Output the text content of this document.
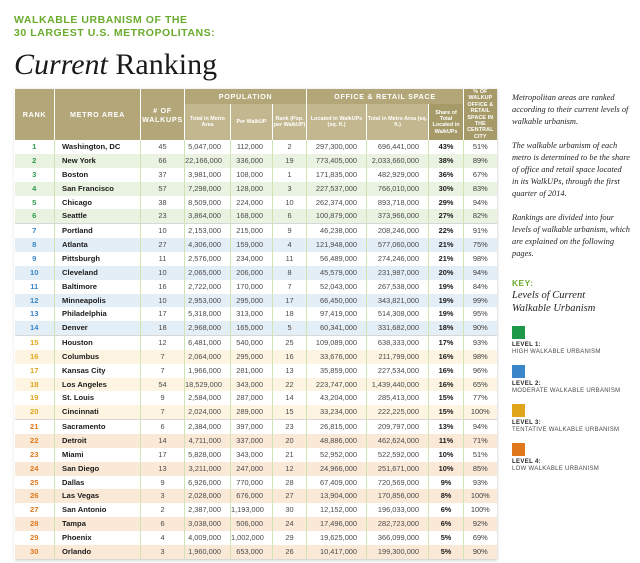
WALKABLE URBANISM OF THE
30 LARGEST U.S. METROPOLITANS:
Current Ranking
RANK	METRO AREA	# OF WALKUPS	POPULATION			OFFICE & RETAIL SPACE			% OF WALKUP OFFICE & RETAIL SPACE IN THE CENTRAL CITY
			Total in Metro Area	Per WalkUP	Rank (Pop. per WalkUP)	Located in WalkUPs (sq. ft.)	Total in Metro Area (sq. ft.)	Share of Total Located in WalkUPs	
1	Washington, DC	45	5,047,000	112,000	2	297,300,000	696,441,000	43%	51%
2	New York	66	22,166,000	336,000	19	773,405,000	2,033,660,000	38%	89%
3	Boston	37	3,981,000	108,000	1	171,835,000	482,929,000	36%	67%
4	San Francisco	57	7,298,000	128,000	3	227,537,000	766,010,000	30%	83%
5	Chicago	38	8,509,000	224,000	10	262,374,000	893,718,000	29%	94%
6	Seattle	23	3,864,000	168,000	6	100,879,000	373,966,000	27%	82%
7	Portland	10	2,153,000	215,000	9	46,238,000	208,246,000	22%	91%
8	Atlanta	27	4,306,000	159,000	4	121,948,000	577,060,000	21%	75%
9	Pittsburgh	11	2,576,000	234,000	11	56,489,000	274,246,000	21%	98%
10	Cleveland	10	2,065,000	206,000	8	45,579,000	231,987,000	20%	94%
11	Baltimore	16	2,722,000	170,000	7	52,043,000	267,538,000	19%	84%
12	Minneapolis	10	2,953,000	295,000	17	66,450,000	343,821,000	19%	99%
13	Philadelphia	17	5,318,000	313,000	18	97,419,000	514,308,000	19%	95%
14	Denver	18	2,968,000	165,000	5	60,341,000	331,682,000	18%	90%
15	Houston	12	6,481,000	540,000	25	109,089,000	638,333,000	17%	93%
16	Columbus	7	2,064,000	295,000	16	33,676,000	211,799,000	16%	98%
17	Kansas City	7	1,966,000	281,000	13	35,859,000	227,534,000	16%	96%
18	Los Angeles	54	18,529,000	343,000	22	223,747,000	1,439,440,000	16%	65%
19	St. Louis	9	2,584,000	287,000	14	43,204,000	285,413,000	15%	77%
20	Cincinnati	7	2,024,000	289,000	15	33,234,000	222,225,000	15%	100%
21	Sacramento	6	2,384,000	397,000	23	26,815,000	209,797,000	13%	94%
22	Detroit	14	4,711,000	337,000	20	48,886,000	462,624,000	11%	71%
23	Miami	17	5,828,000	343,000	21	52,952,000	522,592,000	10%	51%
24	San Diego	13	3,211,000	247,000	12	24,966,000	251,671,000	10%	85%
25	Dallas	9	6,926,000	770,000	28	67,409,000	720,569,000	9%	93%
26	Las Vegas	3	2,028,000	676,000	27	13,904,000	170,856,000	8%	100%
27	San Antonio	2	2,387,000	1,193,000	30	12,152,000	196,033,000	6%	100%
28	Tampa	6	3,038,000	506,000	24	17,496,000	282,723,000	6%	92%
29	Phoenix	4	4,009,000	1,002,000	29	19,625,000	366,099,000	5%	69%
30	Orlando	3	1,960,000	653,000	26	10,417,000	199,300,000	5%	90%

Metropolitan areas are ranked according to their current levels of walkable urbanism.

The walkable urbanism of each metro is determined to be the share of office and retail space located in its WalkUPs, through the first quarter of 2014.

Rankings are divided into four levels of walkable urbanism, which are explained on the following pages.

KEY:
Levels of Current
Walkable Urbanism
LEVEL 1:
HIGH WALKABLE URBANISM
LEVEL 2:
MODERATE WALKABLE URBANISM
LEVEL 3:
TENTATIVE WALKABLE URBANISM
LEVEL 4:
LOW WALKABLE URBANISM
